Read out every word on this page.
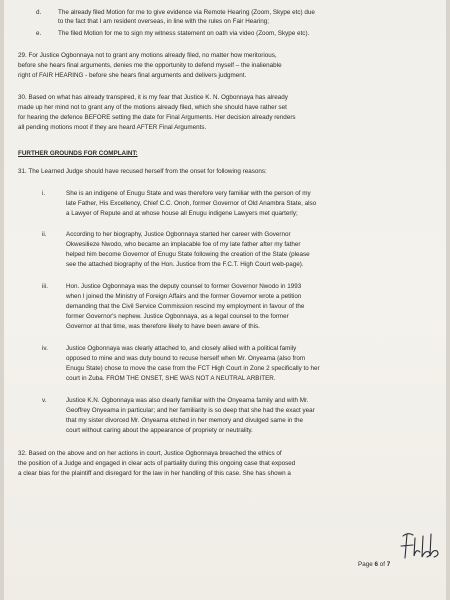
d.	The already filed Motion for me to give evidence via Remote Hearing (Zoom, Skype etc) due
to the fact that I am resident overseas, in line with the rules on Fair Hearing;
e.	The filed Motion for me to sign my witness statement on oath via video (Zoom, Skype etc).
29. For Justice Ogbonnaya not to grant any motions already filed, no matter how meritorious,
before she hears final arguments, denies me the opportunity to defend myself – the inalienable
right of FAIR HEARING - before she hears final arguments and delivers judgment.
30. Based on what has already transpired, it is my fear that Justice K. N. Ogbonnaya has already
made up her mind not to grant any of the motions already filed, which she should have rather set
for hearing the defence BEFORE setting the date for Final Arguments. Her decision already renders
all pending motions moot if they are heard AFTER Final Arguments.
FURTHER GROUNDS FOR COMPLAINT:
31. The Learned Judge should have recused herself from the onset for following reasons:
i.	She is an indigene of Enugu State and was therefore very familiar with the person of my
late Father, His Excellency, Chief C.C. Onoh, former Governor of Old Anambra State, also
a Lawyer of Repute and at whose house all Enugu indigene Lawyers met quarterly;
ii.	According to her biography, Justice Ogbonnaya started her career with Governor
Okwesilieze Nwodo, who became an implacable foe of my late father after my father
helped him become Governor of Enugu State following the creation of the State (please
see the attached biography of the Hon. Justice from the F.C.T. High Court web-page).
iii.	Hon. Justice Ogbonnaya was the deputy counsel to former Governor Nwodo in 1993
when I joined the Ministry of Foreign Affairs and the former Governor wrote a petition
demanding that the Civil Service Commission rescind my employment in favour of the
former Governor's nephew. Justice Ogbonnaya, as a legal counsel to the former
Governor at that time, was therefore likely to have been aware of this.
iv.	Justice Ogbonnaya was clearly attached to, and closely allied with a political family
opposed to mine and was duty bound to recuse herself when Mr. Onyeama (also from
Enugu State) chose to move the case from the FCT High Court in Zone 2 specifically to her
court in Zuba. FROM THE ONSET, SHE WAS NOT A NEUTRAL ARBITER.
v.	Justice K.N. Ogbonnaya was also clearly familiar with the Onyeama family and with Mr.
Geoffrey Onyeama in particular; and her familiarity is so deep that she had the exact year
that my sister divorced Mr. Onyeama etched in her memory and divulged same in the
court without caring about the appearance of propriety or neutrality.
32. Based on the above and on her actions in court, Justice Ogbonnaya breached the ethics of
the position of a Judge and engaged in clear acts of partiality during this ongoing case that exposed
a clear bias for the plaintiff and disregard for the law in her handling of this case. She has shown a
Page 6 of 7
